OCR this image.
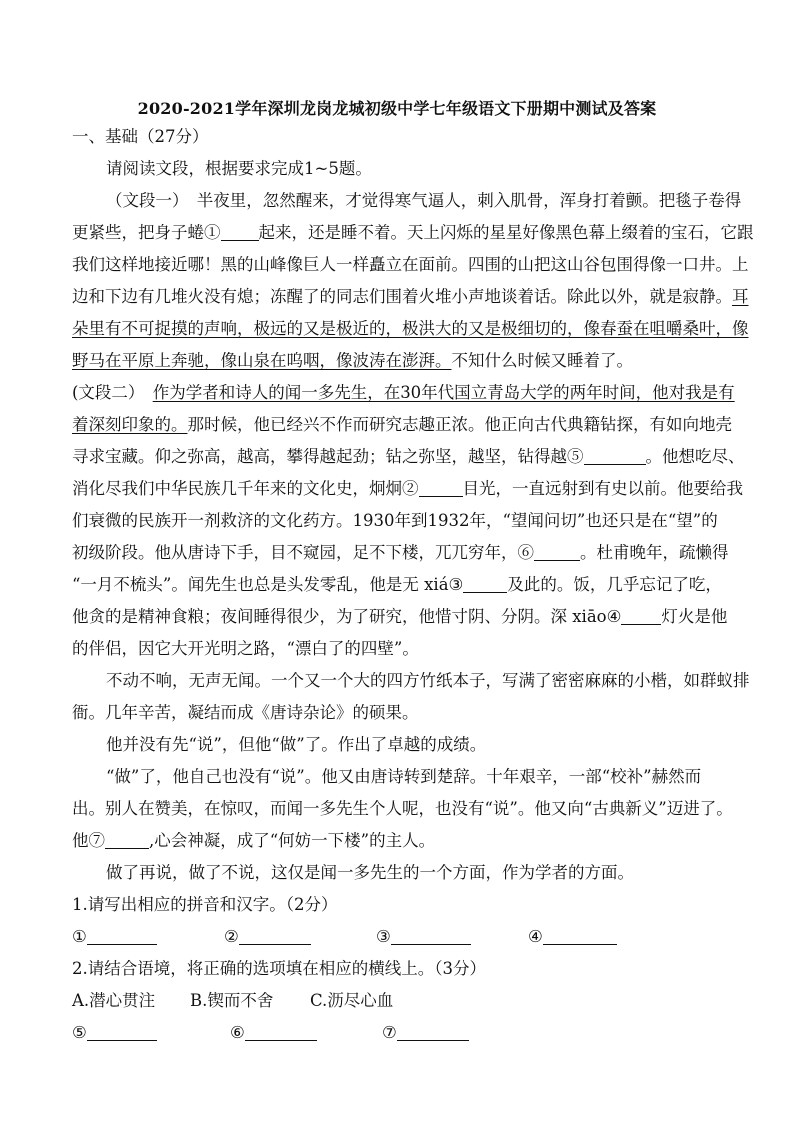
2020-2021学年深圳龙岗龙城初级中学七年级语文下册期中测试及答案
一、基础（27分）
请阅读文段，根据要求完成1~5题。
（文段一）　半夜里，忽然醒来，才觉得寒气逼人，刺入肌骨，浑身打着颤。把毯子卷得
更紧些，把身子蜷① 起来，还是睡不着。天上闪烁的星星好像黑色幕上缀着的宝石，它跟
我们这样地接近哪！黑的山峰像巨人一样矗立在面前。四围的山把这山谷包围得像一口井。上
边和下边有几堆火没有熄；冻醒了的同志们围着火堆小声地谈着话。除此以外，就是寂静。耳
朵里有不可捉摸的声响，极远的又是极近的，极洪大的又是极细切的，像春蚕在咀嚼桑叶，像
野马在平原上奔驰，像山泉在呜咽，像波涛在澎湃。不知什么时候又睡着了。
(文段二）　作为学者和诗人的闻一多先生，在30年代国立青岛大学的两年时间，他对我是有
着深刻印象的。那时候，他已经兴不作而研究志趣正浓。他正向古代典籍钻探，有如向地壳
寻求宝藏。仰之弥高，越高，攀得越起劲；钻之弥坚，越坚，钻得越⑤	。他想吃尽、
消化尽我们中华民族几千年来的文化史，炯炯②	目光，一直远射到有史以前。他要给我
们衰微的民族开一剂救济的文化药方。1930年到1932年，“望闻问切”也还只是在“望”的
初级阶段。他从唐诗下手，目不窥园，足不下楼，兀兀穷年，⑥	。杜甫晚年，疏懒得
“一月不梳头”。闻先生也总是头发零乱，他是无 xiá③	及此的。饭，几乎忘记了吃，
他贪的是精神食粮；夜间睡得很少，为了研究，他惜寸阴、分阴。深 xiāo④ 灯火是他
的伴侣，因它大开光明之路，“漂白了的四壁”。
不动不响，无声无闻。一个又一个大的四方竹纸本子，写满了密密麻麻的小楷，如群蚁排
衙。几年辛苦，凝结而成《唐诗杂论》的硕果。
他并没有先“说”，但他“做”了。作出了卓越的成绩。
“做”了，他自己也没有“说”。他又由唐诗转到楚辞。十年艰辛，一部“校补”赫然而
出。别人在赞美，在惊叹，而闻一多先生个人呢，也没有“说”。他又向“古典新义”迈进了。
他⑦	,心会神凝，成了“何妨一下楼”的主人。
做了再说，做了不说，这仅是闻一多先生的一个方面，作为学者的方面。
1.请写出相应的拼音和汉字。（2分）
①	②	③	④
2.请结合语境，将正确的选项填在相应的横线上。（3分）
A.潜心贯注 B.锲而不舍 C.沥尽心血
⑤	⑥	⑦
